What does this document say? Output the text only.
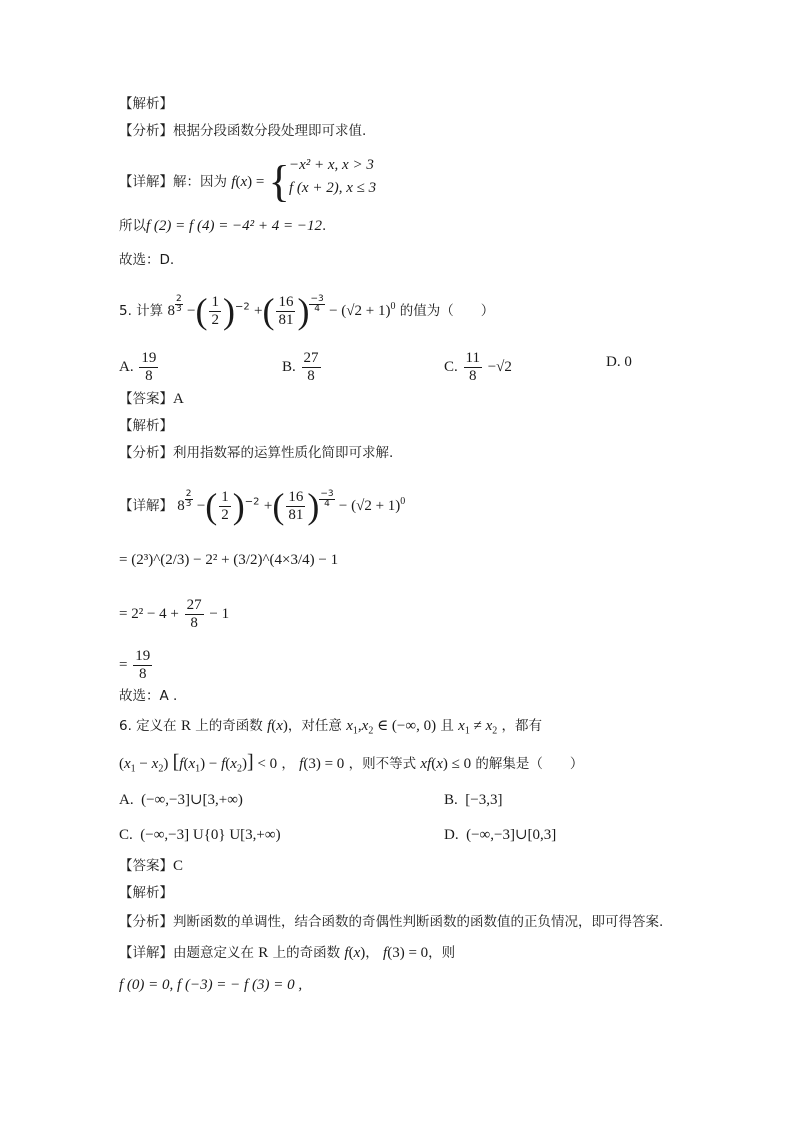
【解析】
【分析】根据分段函数分段处理即可求值.
【详解】解：因为 f(x) = { −x² + x, x > 3
f (x + 2), x ≤ 3
所以f (2) = f (4) = −4² + 4 = −12.
故选：D.
5. 计算 $8 \frac{2}{3}$ −( $\frac{1}{2} )^{-2}$ +( $\frac{16}{81}$ ) $\frac{-3}{4} - (√2 + 1)^0$ 的值为（　　）
A. $\frac{19}{8}$	B. $\frac{27}{8}$	C. $\frac{11}{8} -√2$	D. 0
【答案】A
【解析】
【分析】利用指数幂的运算性质化简即可求解.
【详解】 $8 \frac{2}{3}$ −( $\frac{1}{2} )^{-2}$ +( $\frac{16}{81}$ ) $\frac{-3}{4} - (√2 + 1)^0$
= (2³)^(2/3) − 2² + (3/2)^(4×3/4) − 1
= $2^2 - 4 + \frac{27}{8} - 1$
= $\frac{19}{8}$
故选：A .
6. 定义在 R 上的奇函数 f(x)，对任意 $x_1,x_2$ ∈ (−∞, 0) 且 $x_1 \ne x_2$ ，都有
$(x_1 - x_2) [f(x_1) - f(x_2)] < 0$ ， f(3) = 0 ，则不等式 xf(x) ≤ 0 的解集是（　　）
A. (−∞,−3]∪[3,+∞)	B. [−3,3]
C. (−∞,−3] U{0} U[3,+∞)	D. (−∞,−3]∪[0,3]
【答案】C
【解析】
【分析】判断函数的单调性，结合函数的奇偶性判断函数的函数值的正负情况，即可得答案.
【详解】由题意定义在 R 上的奇函数 f(x)， f(3) = 0，则
f (0) = 0, f (−3) = − f (3) = 0 ,
